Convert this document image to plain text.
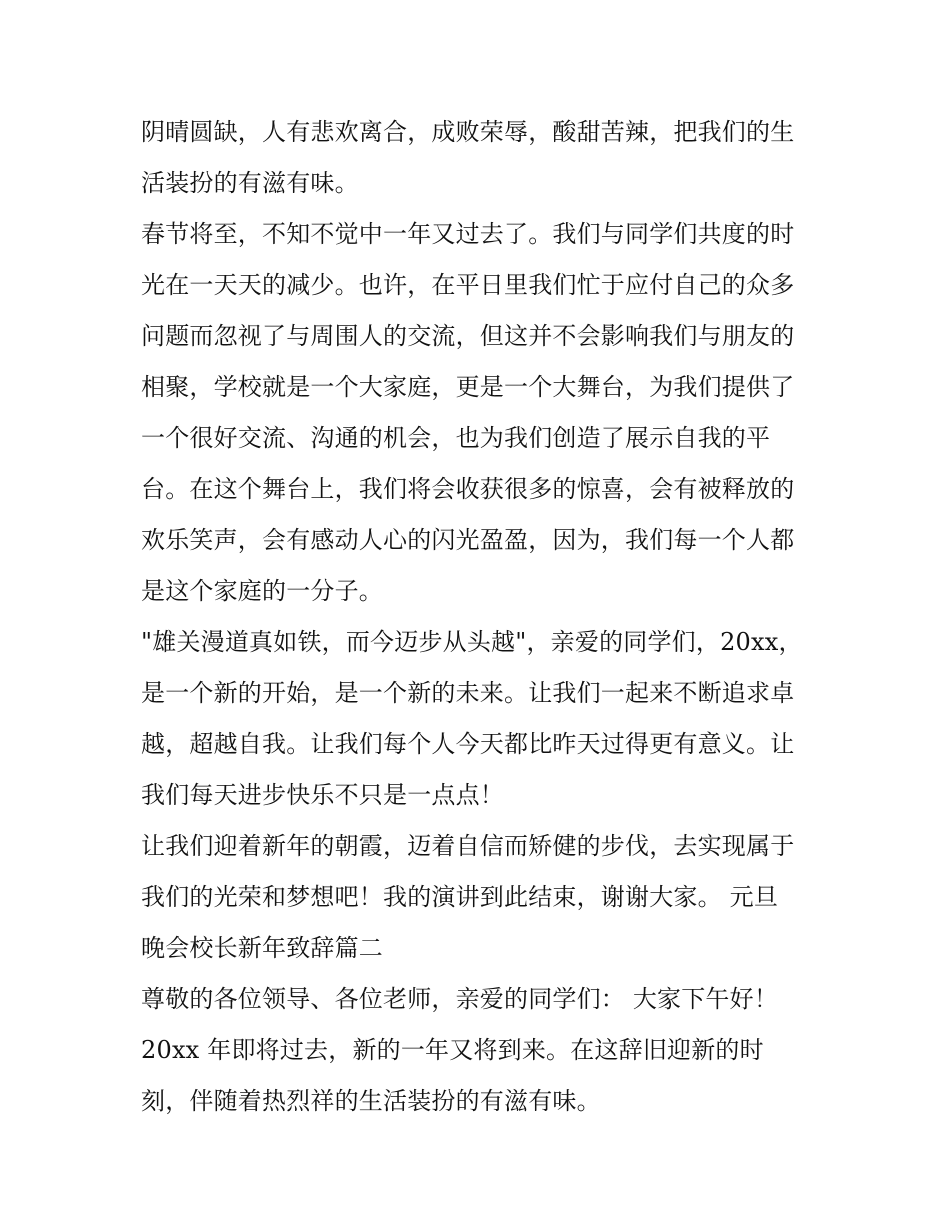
阴晴圆缺，人有悲欢离合，成败荣辱，酸甜苦辣，把我们的生
活装扮的有滋有味。
春节将至，不知不觉中一年又过去了。我们与同学们共度的时
光在一天天的减少。也许，在平日里我们忙于应付自己的众多
问题而忽视了与周围人的交流，但这并不会影响我们与朋友的
相聚，学校就是一个大家庭，更是一个大舞台，为我们提供了
一个很好交流、沟通的机会，也为我们创造了展示自我的平
台。在这个舞台上，我们将会收获很多的惊喜，会有被释放的
欢乐笑声，会有感动人心的闪光盈盈，因为，我们每一个人都
是这个家庭的一分子。
"雄关漫道真如铁，而今迈步从头越"，亲爱的同学们，20xx，
是一个新的开始，是一个新的未来。让我们一起来不断追求卓
越，超越自我。让我们每个人今天都比昨天过得更有意义。让
我们每天进步快乐不只是一点点！
让我们迎着新年的朝霞，迈着自信而矫健的步伐，去实现属于
我们的光荣和梦想吧！我的演讲到此结束，谢谢大家。 元旦
晚会校长新年致辞篇二
尊敬的各位领导、各位老师，亲爱的同学们： 大家下午好！
20xx 年即将过去，新的一年又将到来。在这辞旧迎新的时
刻，伴随着热烈祥的生活装扮的有滋有味。
